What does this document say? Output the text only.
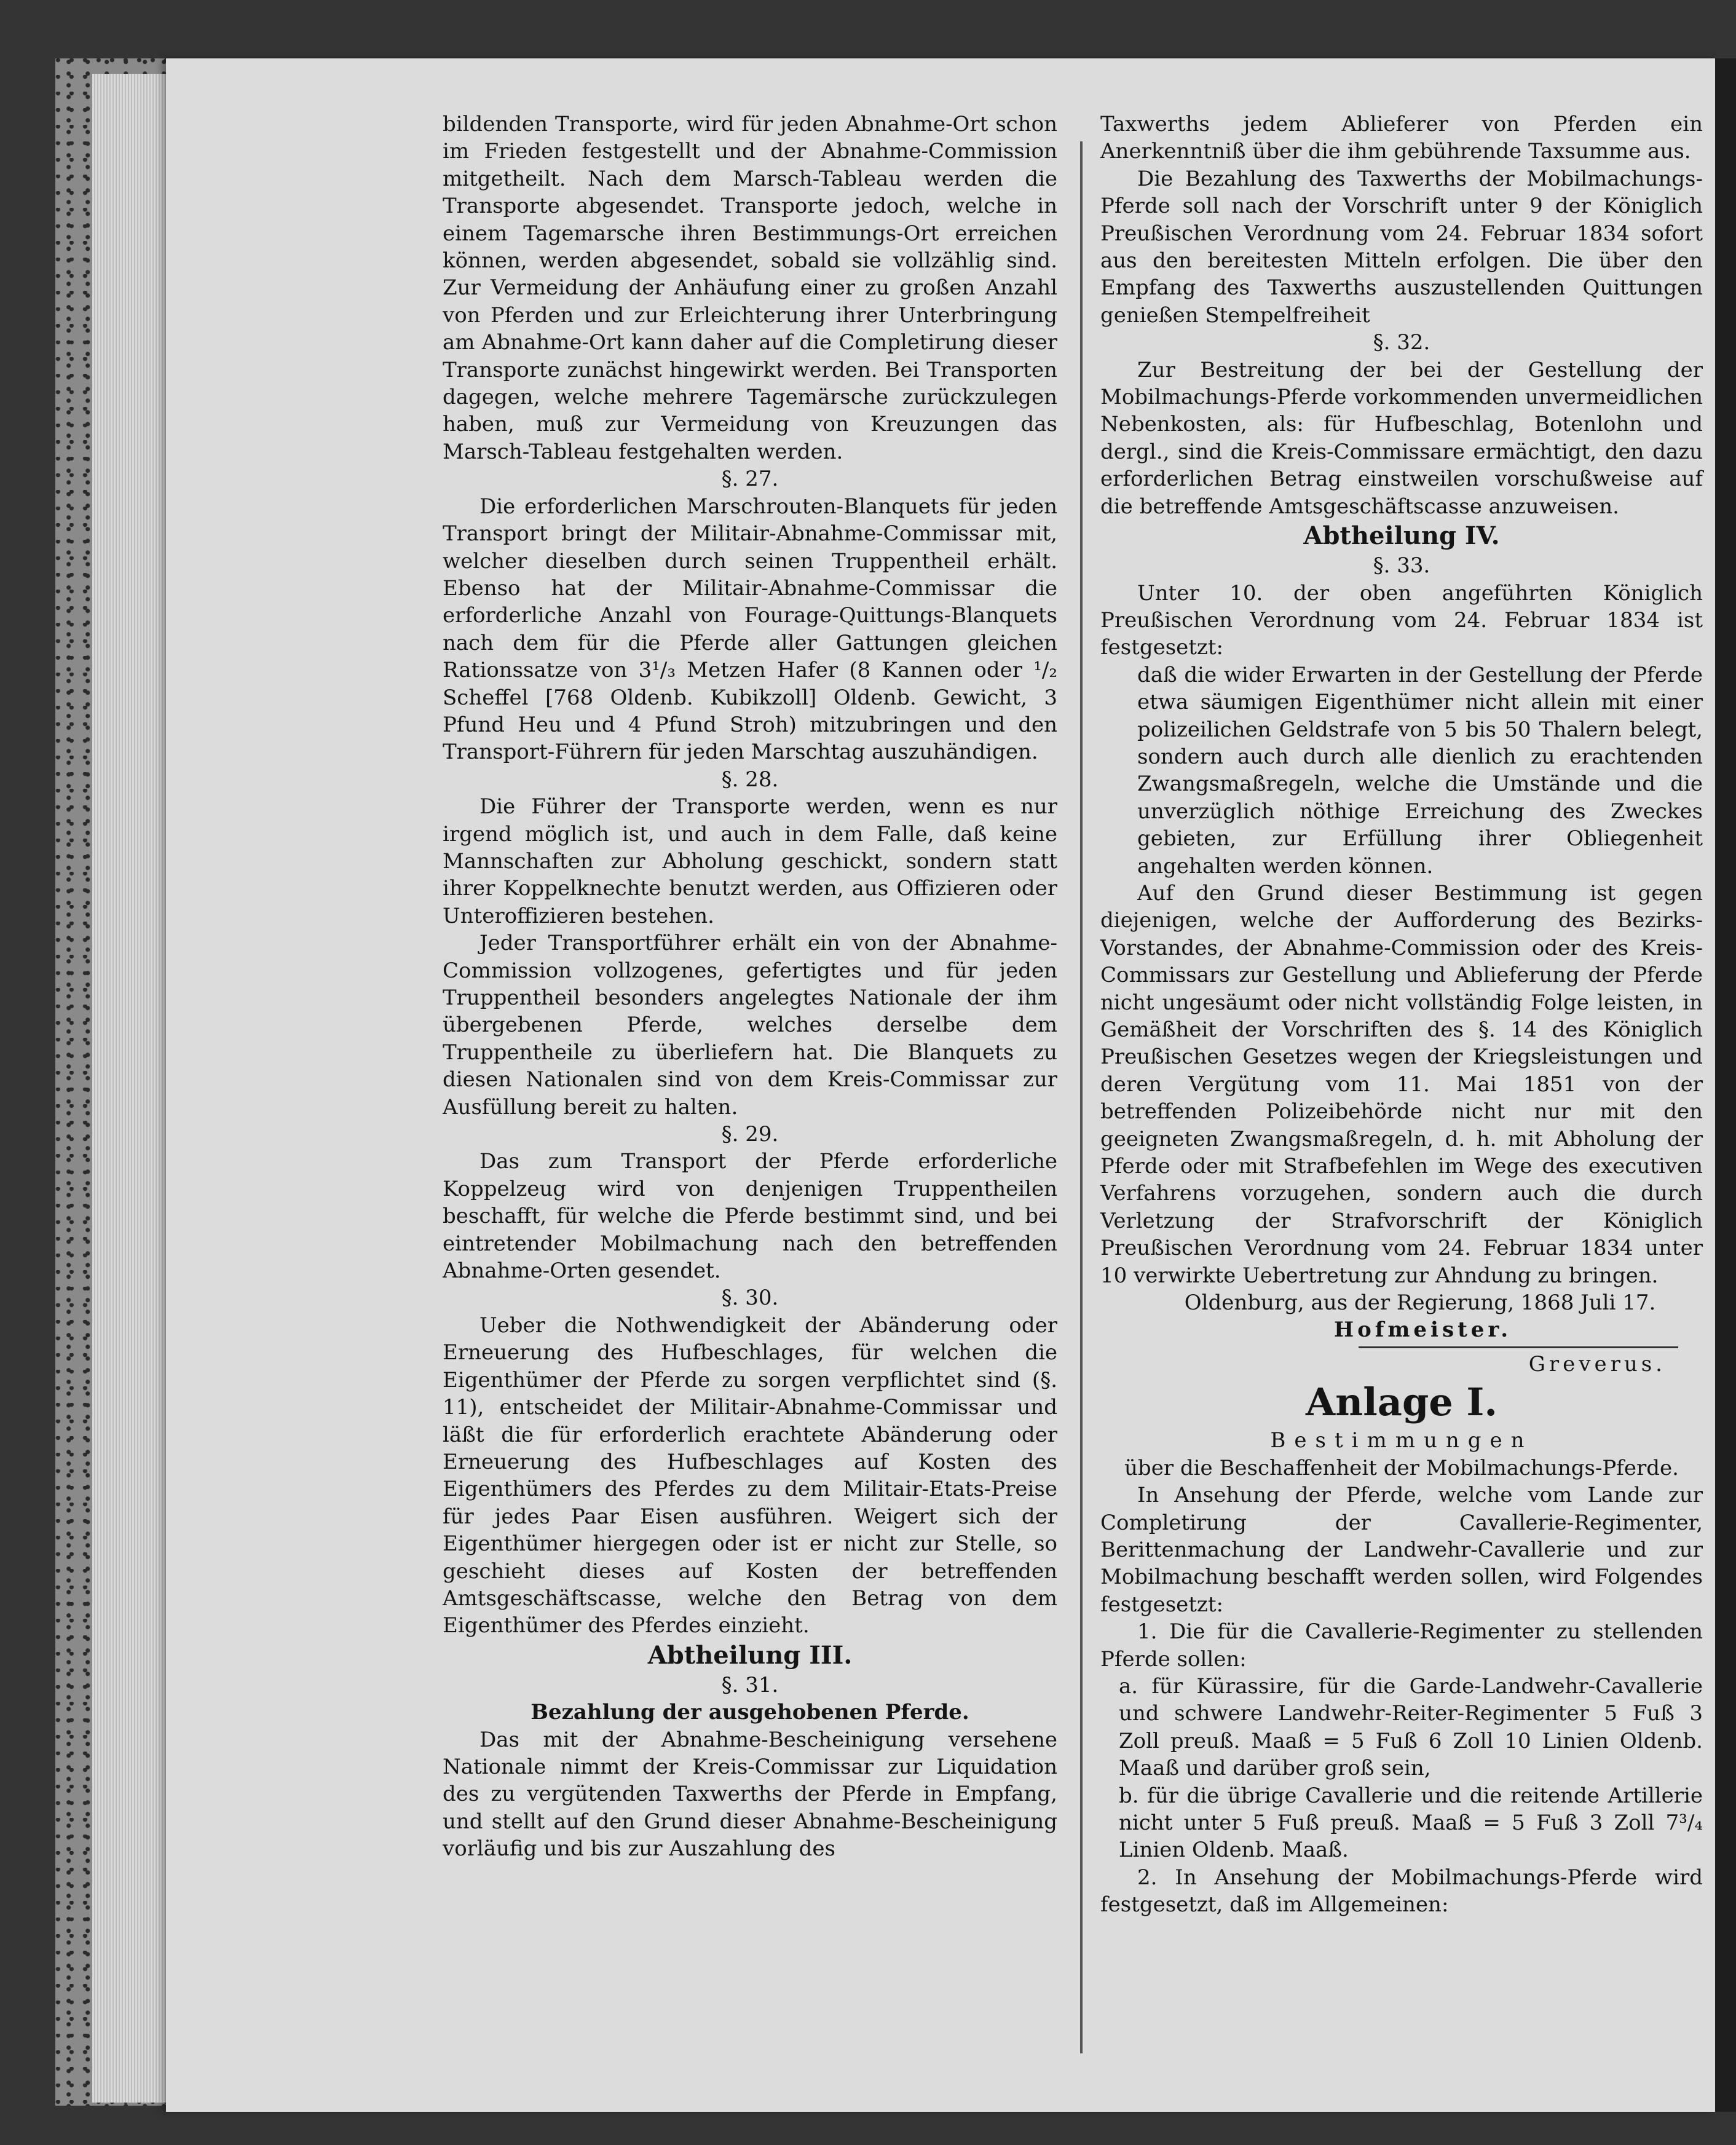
bildenden Transporte, wird für jeden Abnahme-Ort schon im Frieden festgestellt und der Abnahme-Commission mitgetheilt. Nach dem Marsch-Tableau werden die Transporte abgesendet. Transporte jedoch, welche in einem Tagemarsche ihren Bestimmungs-Ort erreichen können, werden abgesendet, sobald sie vollzählig sind. Zur Vermeidung der Anhäufung einer zu großen Anzahl von Pferden und zur Erleichterung ihrer Unterbringung am Abnahme-Ort kann daher auf die Completirung dieser Transporte zunächst hingewirkt werden. Bei Transporten dagegen, welche mehrere Tagemärsche zurückzulegen haben, muß zur Vermeidung von Kreuzungen das Marsch-Tableau festgehalten werden.

§. 27.

Die erforderlichen Marschrouten-Blanquets für jeden Transport bringt der Militair-Abnahme-Commissar mit, welcher dieselben durch seinen Truppentheil erhält. Ebenso hat der Militair-Abnahme-Commissar die erforderliche Anzahl von Fourage-Quittungs-Blanquets nach dem für die Pferde aller Gattungen gleichen Rationssatze von 3¹/₃ Metzen Hafer (8 Kannen oder ¹/₂ Scheffel [768 Oldenb. Kubikzoll] Oldenb. Gewicht, 3 Pfund Heu und 4 Pfund Stroh) mitzubringen und den Transport-Führern für jeden Marschtag auszuhändigen.

§. 28.

Die Führer der Transporte werden, wenn es nur irgend möglich ist, und auch in dem Falle, daß keine Mannschaften zur Abholung geschickt, sondern statt ihrer Koppelknechte benutzt werden, aus Offizieren oder Unteroffizieren bestehen.

Jeder Transportführer erhält ein von der Abnahme-Commission vollzogenes, gefertigtes und für jeden Truppentheil besonders angelegtes Nationale der ihm übergebenen Pferde, welches derselbe dem Truppentheile zu überliefern hat. Die Blanquets zu diesen Nationalen sind von dem Kreis-Commissar zur Ausfüllung bereit zu halten.

§. 29.

Das zum Transport der Pferde erforderliche Koppelzeug wird von denjenigen Truppentheilen beschafft, für welche die Pferde bestimmt sind, und bei eintretender Mobilmachung nach den betreffenden Abnahme-Orten gesendet.

§. 30.

Ueber die Nothwendigkeit der Abänderung oder Erneuerung des Hufbeschlages, für welchen die Eigenthümer der Pferde zu sorgen verpflichtet sind (§. 11), entscheidet der Militair-Abnahme-Commissar und läßt die für erforderlich erachtete Abänderung oder Erneuerung des Hufbeschlages auf Kosten des Eigenthümers des Pferdes zu dem Militair-Etats-Preise für jedes Paar Eisen ausführen. Weigert sich der Eigenthümer hiergegen oder ist er nicht zur Stelle, so geschieht dieses auf Kosten der betreffenden Amtsgeschäftscasse, welche den Betrag von dem Eigenthümer des Pferdes einzieht.

Abtheilung III.
§. 31.
Bezahlung der ausgehobenen Pferde.

Das mit der Abnahme-Bescheinigung versehene Nationale nimmt der Kreis-Commissar zur Liquidation des zu vergütenden Taxwerths der Pferde in Empfang, und stellt auf den Grund dieser Abnahme-Bescheinigung vorläufig und bis zur Auszahlung des

Taxwerths jedem Ablieferer von Pferden ein Anerkenntniß über die ihm gebührende Taxsumme aus.

Die Bezahlung des Taxwerths der Mobilmachungs-Pferde soll nach der Vorschrift unter 9 der Königlich Preußischen Verordnung vom 24. Februar 1834 sofort aus den bereitesten Mitteln erfolgen. Die über den Empfang des Taxwerths auszustellenden Quittungen genießen Stempelfreiheit

§. 32.

Zur Bestreitung der bei der Gestellung der Mobilmachungs-Pferde vorkommenden unvermeidlichen Nebenkosten, als: für Hufbeschlag, Botenlohn und dergl., sind die Kreis-Commissare ermächtigt, den dazu erforderlichen Betrag einstweilen vorschußweise auf die betreffende Amtsgeschäftscasse anzuweisen.

Abtheilung IV.
§. 33.

Unter 10. der oben angeführten Königlich Preußischen Verordnung vom 24. Februar 1834 ist festgesetzt:

daß die wider Erwarten in der Gestellung der Pferde etwa säumigen Eigenthümer nicht allein mit einer polizeilichen Geldstrafe von 5 bis 50 Thalern belegt, sondern auch durch alle dienlich zu erachtenden Zwangsmaßregeln, welche die Umstände und die unverzüglich nöthige Erreichung des Zweckes gebieten, zur Erfüllung ihrer Obliegenheit angehalten werden können.

Auf den Grund dieser Bestimmung ist gegen diejenigen, welche der Aufforderung des Bezirks-Vorstandes, der Abnahme-Commission oder des Kreis-Commissars zur Gestellung und Ablieferung der Pferde nicht ungesäumt oder nicht vollständig Folge leisten, in Gemäßheit der Vorschriften des §. 14 des Königlich Preußischen Gesetzes wegen der Kriegsleistungen und deren Vergütung vom 11. Mai 1851 von der betreffenden Polizeibehörde nicht nur mit den geeigneten Zwangsmaßregeln, d. h. mit Abholung der Pferde oder mit Strafbefehlen im Wege des executiven Verfahrens vorzugehen, sondern auch die durch Verletzung der Strafvorschrift der Königlich Preußischen Verordnung vom 24. Februar 1834 unter 10 verwirkte Uebertretung zur Ahndung zu bringen.

Oldenburg, aus der Regierung, 1868 Juli 17.
Hofmeister.
Greverus.
Anlage I.
Bestimmungen
über die Beschaffenheit der Mobilmachungs-Pferde.

In Ansehung der Pferde, welche vom Lande zur Completirung der Cavallerie-Regimenter, Berittenmachung der Landwehr-Cavallerie und zur Mobilmachung beschafft werden sollen, wird Folgendes festgesetzt:

1. Die für die Cavallerie-Regimenter zu stellenden Pferde sollen:

a. für Kürassire, für die Garde-Landwehr-Cavallerie und schwere Landwehr-Reiter-Regimenter 5 Fuß 3 Zoll preuß. Maaß = 5 Fuß 6 Zoll 10 Linien Oldenb. Maaß und darüber groß sein,

b. für die übrige Cavallerie und die reitende Artillerie nicht unter 5 Fuß preuß. Maaß = 5 Fuß 3 Zoll 7³/₄ Linien Oldenb. Maaß.

2. In Ansehung der Mobilmachungs-Pferde wird festgesetzt, daß im Allgemeinen:
